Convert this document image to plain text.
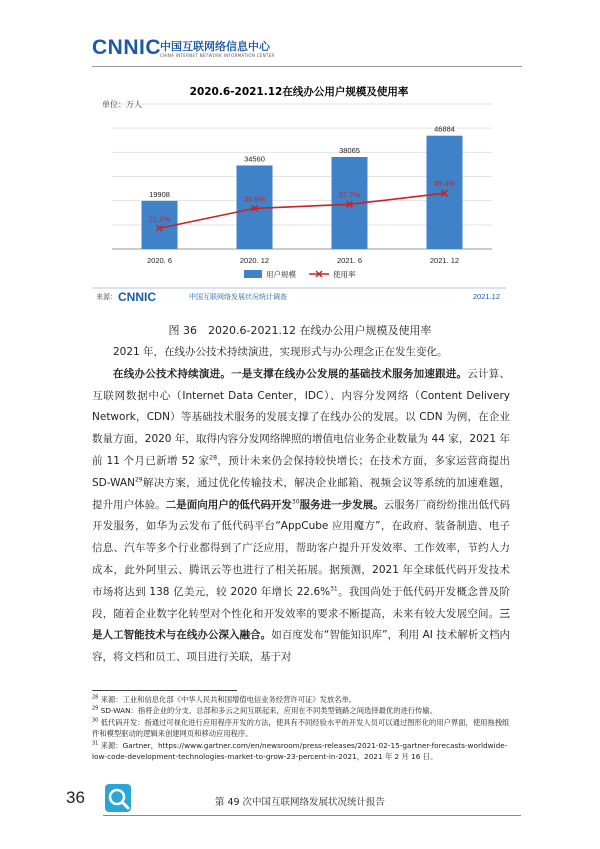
CNNIC 中国互联网络信息中心
CHINA INTERNET NETWORK INFORMATION CENTER
19908
2020. 6
34560
2020. 12
38065
2021. 6
46884
2021. 12
21.2%
34.9%	37.7%
45.4%
2020.6-2021.12在线办公用户规模及使用率
单位：万人
用户规模	使用率
来源： CNNIC	中国互联网络发展状况统计调查	2021.12
图 36　2020.6-2021.12 在线办公用户规模及使用率

2021 年，在线办公技术持续演进，实现形式与办公理念正在发生变化。

在线办公技术持续演进。一是支撑在线办公发展的基础技术服务加速跟进。云计算、互联网数据中心（Internet Data Center，IDC）、内容分发网络（Content Delivery Network，CDN）等基础技术服务的发展支撑了在线办公的发展。以 CDN 为例，在企业数量方面，2020 年，取得内容分发网络牌照的增值电信业务企业数量为 44 家，2021 年前 11 个月已新增 52 家$^{28}$，预计未来仍会保持较快增长；在技术方面，多家运营商提出 SD-WAN$^{29}$解决方案，通过优化传输技术，解决企业邮箱、视频会议等系统的加速难题，提升用户体验。二是面向用户的低代码开发$^{30}$服务进一步发展。云服务厂商纷纷推出低代码开发服务，如华为云发布了低代码平台“AppCube 应用魔方”，在政府、装备制造、电子信息、汽车等多个行业都得到了广泛应用，帮助客户提升开发效率、工作效率，节约人力成本，此外阿里云、腾讯云等也进行了相关拓展。据预测，2021 年全球低代码开发技术市场将达到 138 亿美元，较 2020 年增长 22.6%$^{31}$。我国尚处于低代码开发概念普及阶段，随着企业数字化转型对个性化和开发效率的要求不断提高，未来有较大发展空间。三是人工智能技术与在线办公深入融合。如百度发布“智能知识库”，利用 AI 技术解析文档内容，将文档和员工、项目进行关联，基于对

$^{28}$ 来源：工业和信息化部《中华人民共和国增值电信业务经营许可证》发放名单。
$^{29}$ SD-WAN：指将企业的分支、总部和多云之间互联起来，应用在不同类型链路之间选择最优的进行传输。
$^{30}$ 低代码开发：指通过可视化进行应用程序开发的方法，使具有不同经验水平的开发人员可以通过图形化的用户界面，使用拖拽组件和模型驱动的逻辑来创建网页和移动应用程序。
$^{31}$ 来源：Gartner，https://www.gartner.com/en/newsroom/press-releases/2021-02-15-gartner-forecasts-worldwide-low-code-development-technologies-market-to-grow-23-percent-in-2021，2021 年 2 月 16 日。
36	第 49 次中国互联网络发展状况统计报告
